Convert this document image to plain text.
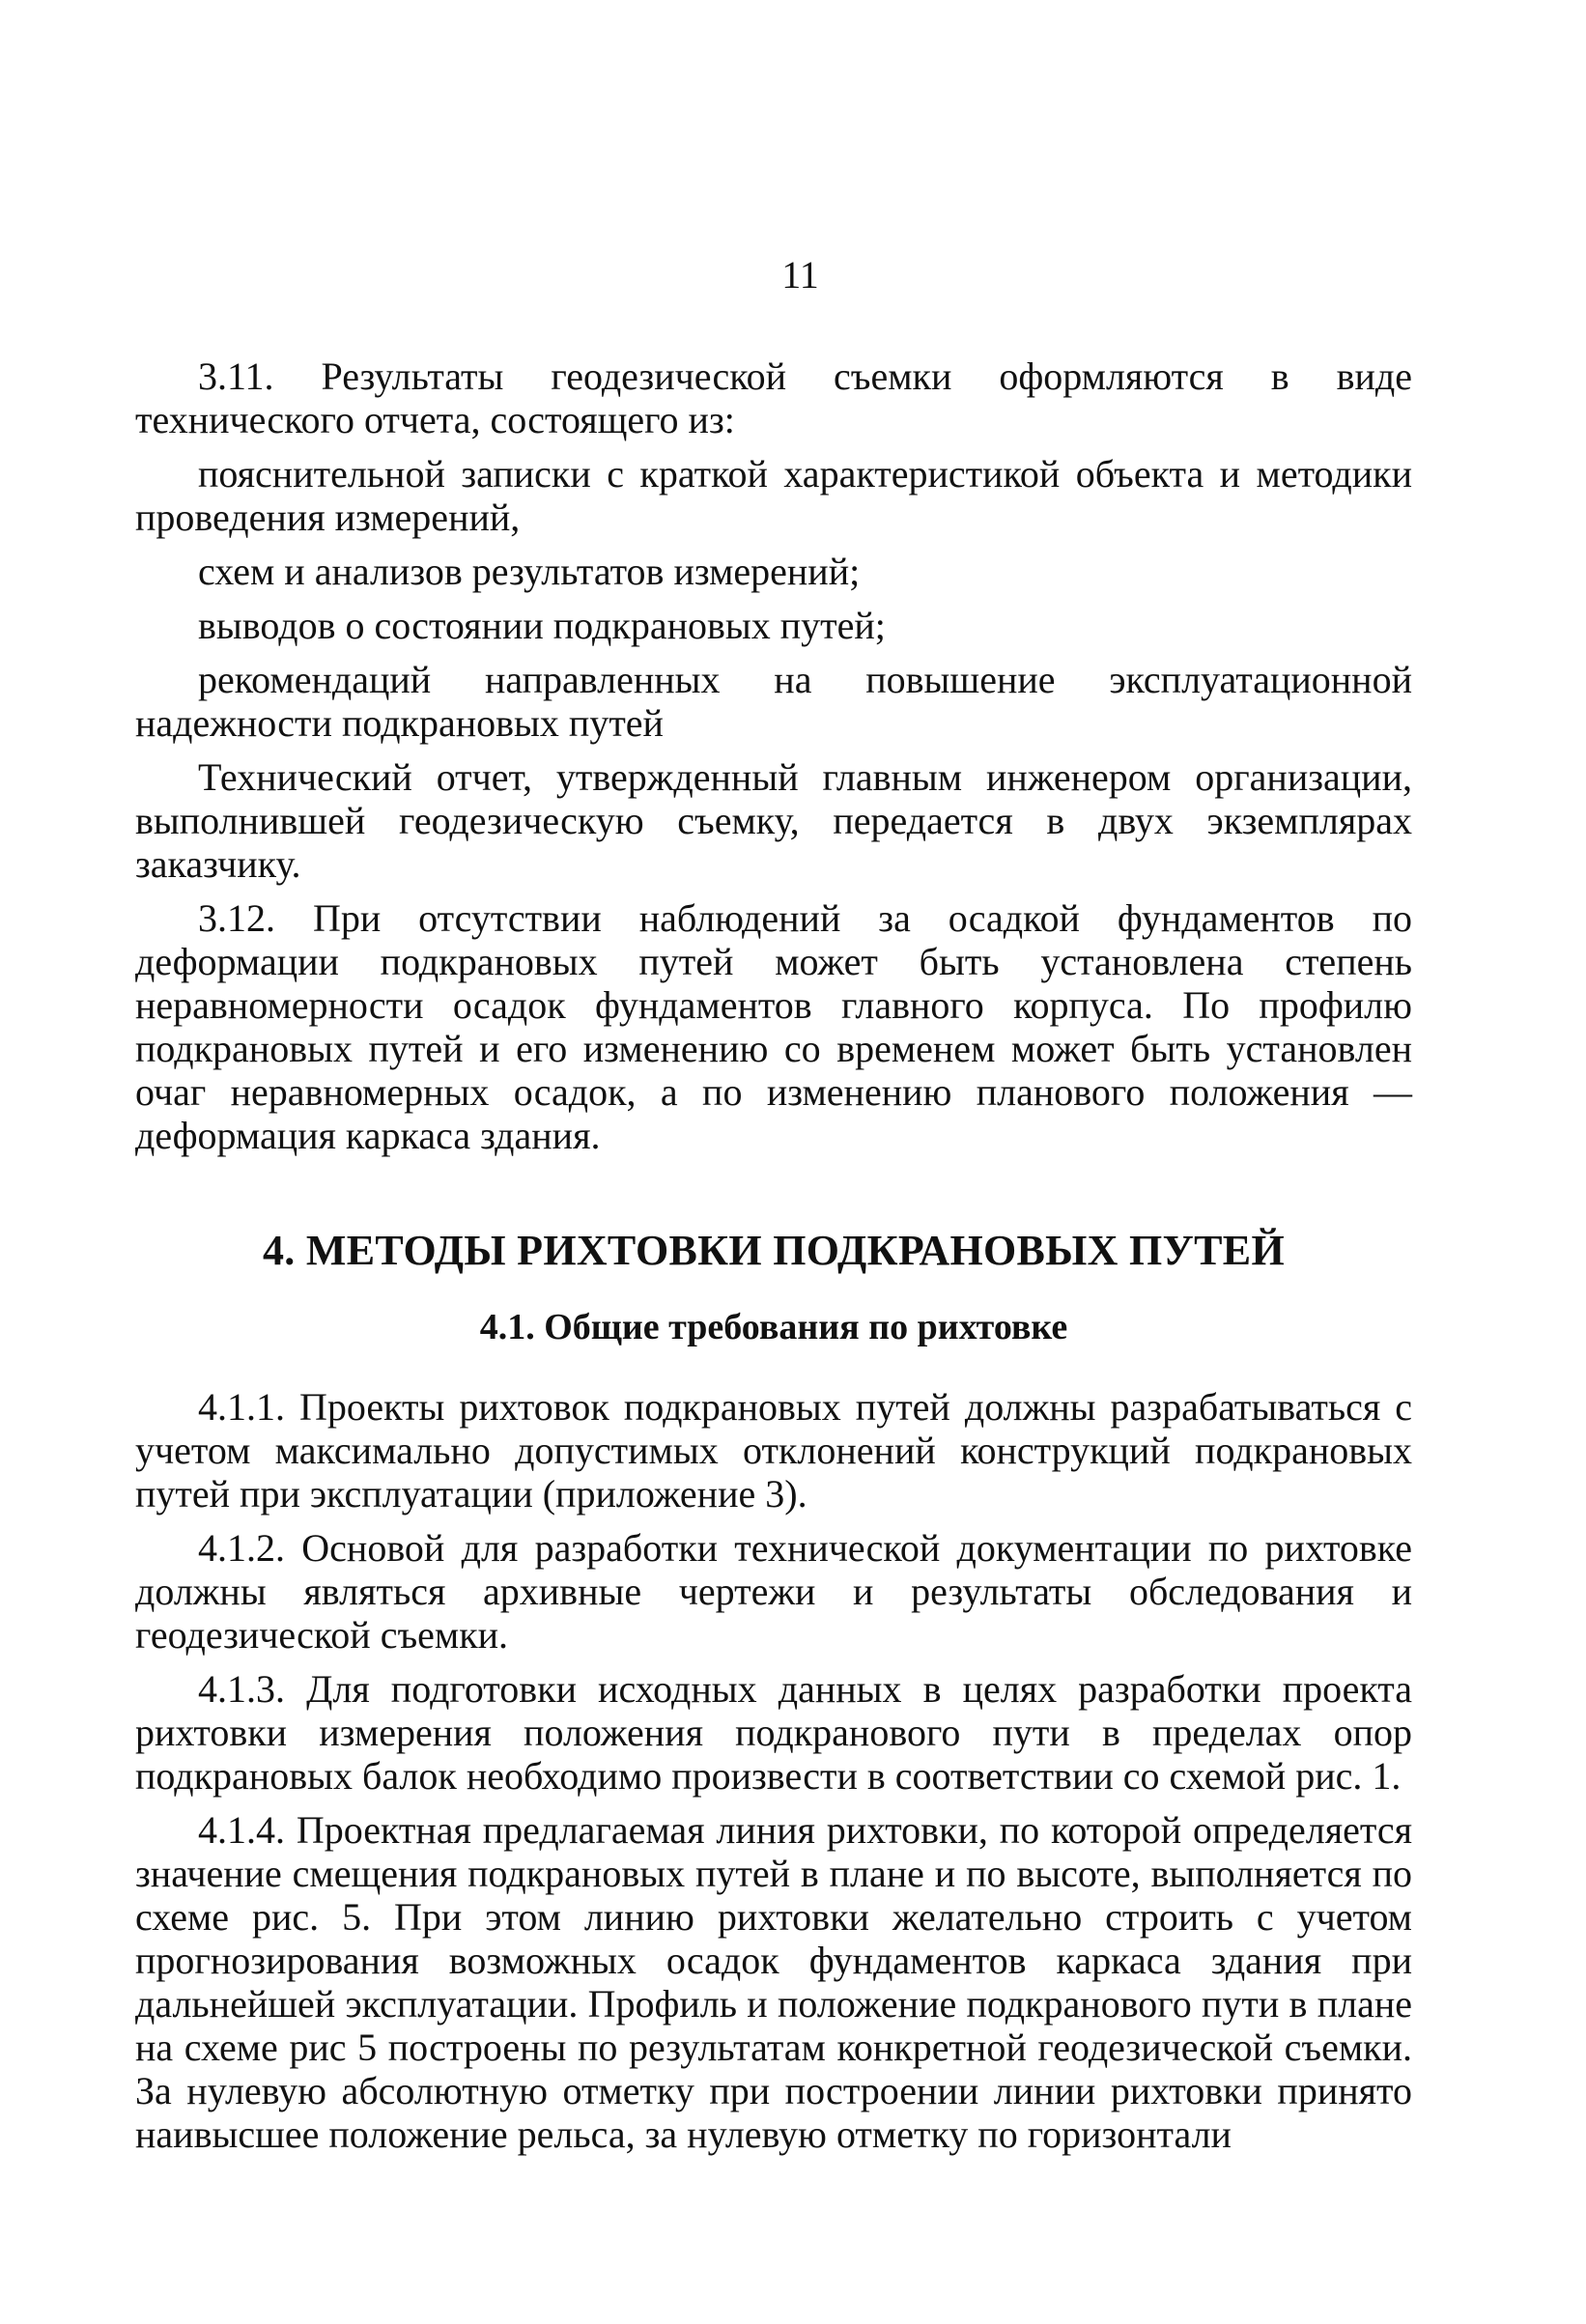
11

3.11. Результаты геодезической съемки оформляются в виде технического отчета, состоящего из:

пояснительной записки с краткой характеристикой объекта и методики проведения измерений,

схем и анализов результатов измерений;

выводов о состоянии подкрановых путей;

рекомендаций направленных на повышение эксплуатационной надежности подкрановых путей

Технический отчет, утвержденный главным инженером организации, выполнившей геодезическую съемку, передается в двух экземплярах заказчику.

3.12. При отсутствии наблюдений за осадкой фундаментов по деформации подкрановых путей может быть установлена степень неравномерности осадок фундаментов главного корпуса. По профилю подкрановых путей и его изменению со временем может быть установлен очаг неравномерных осадок, а по изменению планового положения — деформация каркаса здания.

4. МЕТОДЫ РИХТОВКИ ПОДКРАНОВЫХ ПУТЕЙ
4.1. Общие требования по рихтовке

4.1.1. Проекты рихтовок подкрановых путей должны разрабатываться с учетом максимально допустимых отклонений конструкций подкрановых путей при эксплуатации (приложение 3).

4.1.2. Основой для разработки технической документации по рихтовке должны являться архивные чертежи и результаты обследования и геодезической съемки.

4.1.3. Для подготовки исходных данных в целях разработки проекта рихтовки измерения положения подкранового пути в пределах опор подкрановых балок необходимо произвести в соответствии со схемой рис. 1.

4.1.4. Проектная предлагаемая линия рихтовки, по которой определяется значение смещения подкрановых путей в плане и по высоте, выполняется по схеме рис. 5. При этом линию рихтовки желательно строить с учетом прогнозирования возможных осадок фундаментов каркаса здания при дальнейшей эксплуатации. Профиль и положение подкранового пути в плане на схеме рис 5 построены по результатам конкретной геодезической съемки. За нулевую абсолютную отметку при построении линии рихтовки принято наивысшее положение рельса, за нулевую отметку по горизонтали
